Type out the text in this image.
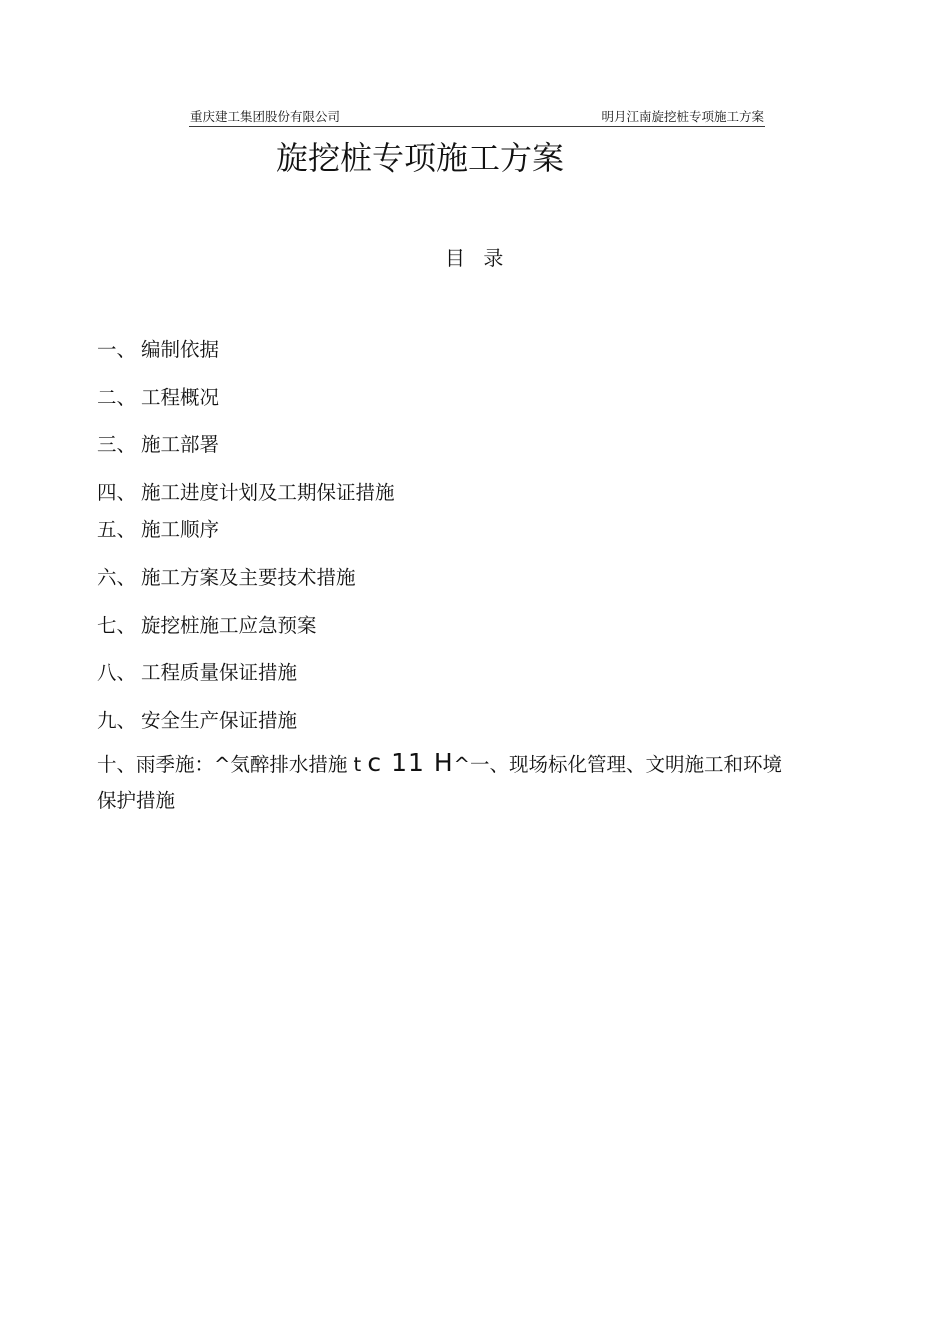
重庆建工集团股份有限公司	明月江南旋挖桩专项施工方案
旋挖桩专项施工方案
目 录
一、 编制依据
二、 工程概况
三、 施工部署
四、 施工进度计划及工期保证措施
五、 施工顺序
六、 施工方案及主要技术措施
七、 旋挖桩施工应急预案
八、 工程质量保证措施
九、 安全生产保证措施
十、雨季施：^気醉排水措施 t c 11 H^一、现场标化管理、文明施工和环境
保护措施
